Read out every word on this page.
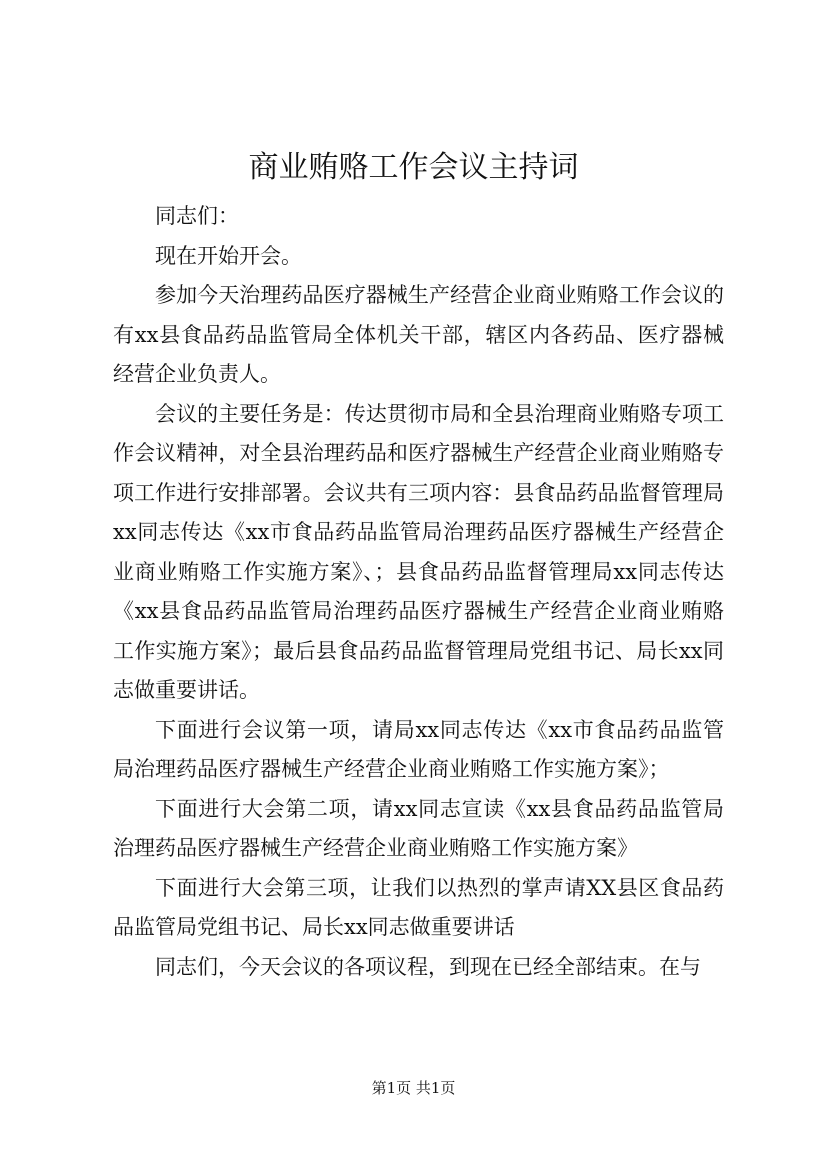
商业贿赂工作会议主持词

同志们：

现在开始开会。

参加今天治理药品医疗器械生产经营企业商业贿赂工作会议的有xx县食品药品监管局全体机关干部，辖区内各药品、医疗器械经营企业负责人。

会议的主要任务是：传达贯彻市局和全县治理商业贿赂专项工作会议精神，对全县治理药品和医疗器械生产经营企业商业贿赂专项工作进行安排部署。会议共有三项内容：县食品药品监督管理局xx同志传达《xx市食品药品监管局治理药品医疗器械生产经营企业商业贿赂工作实施方案》、；县食品药品监督管理局xx同志传达《xx县食品药品监管局治理药品医疗器械生产经营企业商业贿赂工作实施方案》；最后县食品药品监督管理局党组书记、局长xx同志做重要讲话。

下面进行会议第一项，请局xx同志传达《xx市食品药品监管局治理药品医疗器械生产经营企业商业贿赂工作实施方案》；

下面进行大会第二项，请xx同志宣读《xx县食品药品监管局治理药品医疗器械生产经营企业商业贿赂工作实施方案》

下面进行大会第三项，让我们以热烈的掌声请XX县区食品药品监管局党组书记、局长xx同志做重要讲话

同志们，今天会议的各项议程，到现在已经全部结束。在与

第1页 共1页
